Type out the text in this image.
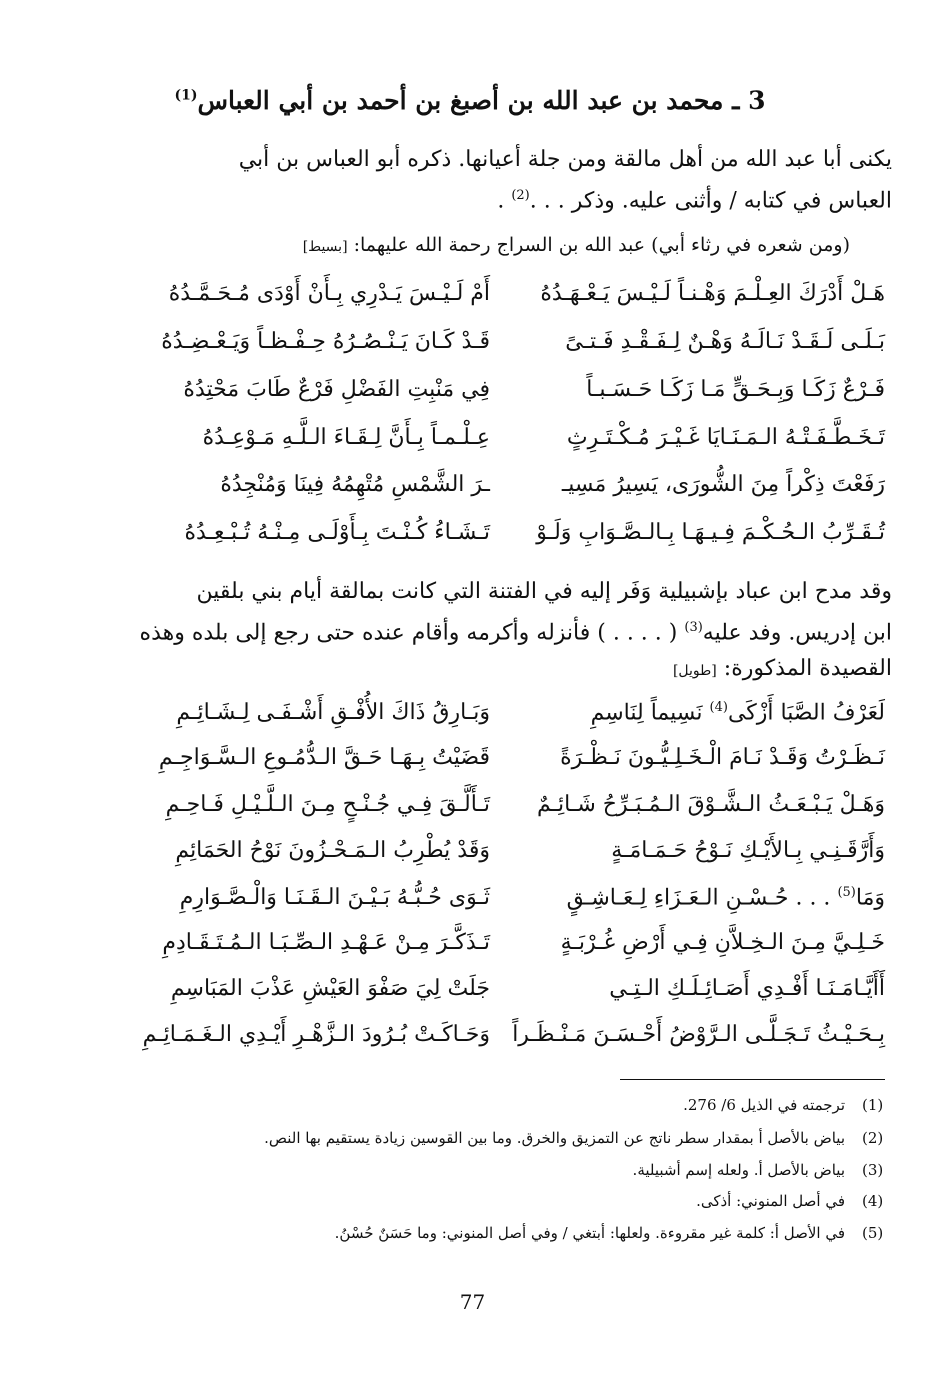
3 ـ محمد بن عبد الله بن أصبغ بن أحمد بن أبي العباس$^{(1)}$
يكنى أبا عبد الله من أهل مالقة ومن جلة أعيانها. ذكره أبو العباس بن أبي
العباس في كتابه / وأثنى عليه. وذكر . . .$^{(2)}$ .
(ومن شعره في رثاء أبي) عبد الله بن السراج رحمة الله عليهما: [بسيط]
هَـلْ أَدْرَكَ العِـلْـمَ وَهْـنـاً لَـيْـسَ يَـعْـهَـدُهُ
أَمْ لَـيْـسَ يَـدْرِي بِـأَنْ أَوْدَى مُـحَـمَّـدُهُ
بَـلَـى لَـقَـدْ نَـالَـهُ وَهْـنٌ لِـفَـقْـدِ فَـتـىً
قَـدْ كَـانَ يَـنْـصُـرُهُ حِـفْـظـاً وَيَـعْـضِـدُهُ
فَـرْعٌ زَكَـا وَبِـحَـقٍّ مَـا زَكَـا حَـسَـبـاً
فِي مَنْبِتِ الفَضْلِ فَرْعٌ طَابَ مَحْتِدُهُ
تَـخَـطَّـفَـتْـهُ الـمَـنَـايَا غَـيْـرَ مُـكْـتَـرِثٍ
عِـلْـمـاً بِـأَنَّ لِـقَـاءَ الـلَّـهِ مَـوْعِـدُهُ
رَفَعْتَ ذِكْراً مِنَ الشُّورَى، يَسِيرُ مَسِيـ
ـرَ الشَّمْسِ مُتْهِمُهُ فِينَا وَمُنْجِدُهُ
تُـقَـرِّبُ الـحُـكْـمَ فِـيـهَـا بِـالـصَّـوَابِ وَلَـوْ
تَـشَـاءُ كُـنْـتَ بِـأَوْلَـى مِـنْـهُ تُـبْـعِـدُهُ
وقد مدح ابن عباد بإشبيلية وَفَر إليه في الفتنة التي كانت بمالقة أيام بني بلقين
ابن إدريس. وفد عليه$^{(3)}$ ( . . . . ) فأنزله وأكرمه وأقام عنده حتى رجع إلى بلده وهذه
القصيدة المذكورة: [طويل]
لَعَرْفُ الصَّبَا أَزْكَى$^{(4)}$ نَسِيماً لِنَاسِمِ
وَبَـارِقُ ذَاكَ الأُفْـقِ أَشْـفَـى لِـشَـائِـمِ
نَـظَـرْتُ وَقَـدْ نَـامَ الْـخَـلِـيُّـونَ نَـظْـرَةً
قَضَيْتُ بِـهَـا حَـقَّ الـدُّمُـوعِ الـسَّـوَاجِـمِ
وَهَـلْ يَـبْـعَـثُ الـشَّـوْقَ الـمُـبَـرِّحُ شَـائِـمٌ
تَـأَلَّـقَ فِـي جُـنْـحٍ مِـنَ الـلَّـيْـلِ فَـاحِـمِ
وَأَرَّقَـنِـي بِـالأَيْـكِ نَـوْحُ حَـمَـامَـةٍ
وَقَدْ يُطْرِبُ الـمَـحْـزُونَ نَوْحُ الحَمَائِمِ
وَمَا$^{(5)}$ . . . حُـسْـنِ الـعَـزَاءِ لِـعَـاشِـقٍ
ثَـوَى حُـبُّـهُ بَـيْـنَ الـقَـنَـا وَالْـصَّـوَارِمِ
خَـلِـيَّ مِـنَ الـخِـلاَّنِ فِـي أَرْضِ غُـرْبَـةٍ
تَـذَكَّـرَ مِـنْ عَـهْـدِ الـصِّـبَـا الـمُـتَـقَـادِمِ
أَأَيَّـامَـنَـا أَفْـدِي أَصَـائِـلَـكِ الـتِـي
جَلَتْ لِيَ صَفْوَ العَيْشِ عَذْبَ المَبَاسِمِ
بِـحَـيْـثُ تَـجَـلَّـى الـرَّوْضُ أَحْـسَـنَ مَـنْـظَـراً
وَحَـاكَـتْ بُـرُودَ الـزَّهْـرِ أَيْـدِي الـغَـمَـائِـمِ
(1)
ترجمته في الذيل 6/ 276.
(2)
بياض بالأصل أ بمقدار سطر ناتج عن التمزيق والخرق. وما بين القوسين زيادة يستقيم بها النص.
(3)
بياض بالأصل أ. ولعله إسم أشبيلية.
(4)
في أصل المنوني: أذكى.
(5)
في الأصل أ: كلمة غير مقروءة. ولعلها: أبتغي / وفي أصل المنوني: وما حَسَنٌ حُسْنُ.
77
